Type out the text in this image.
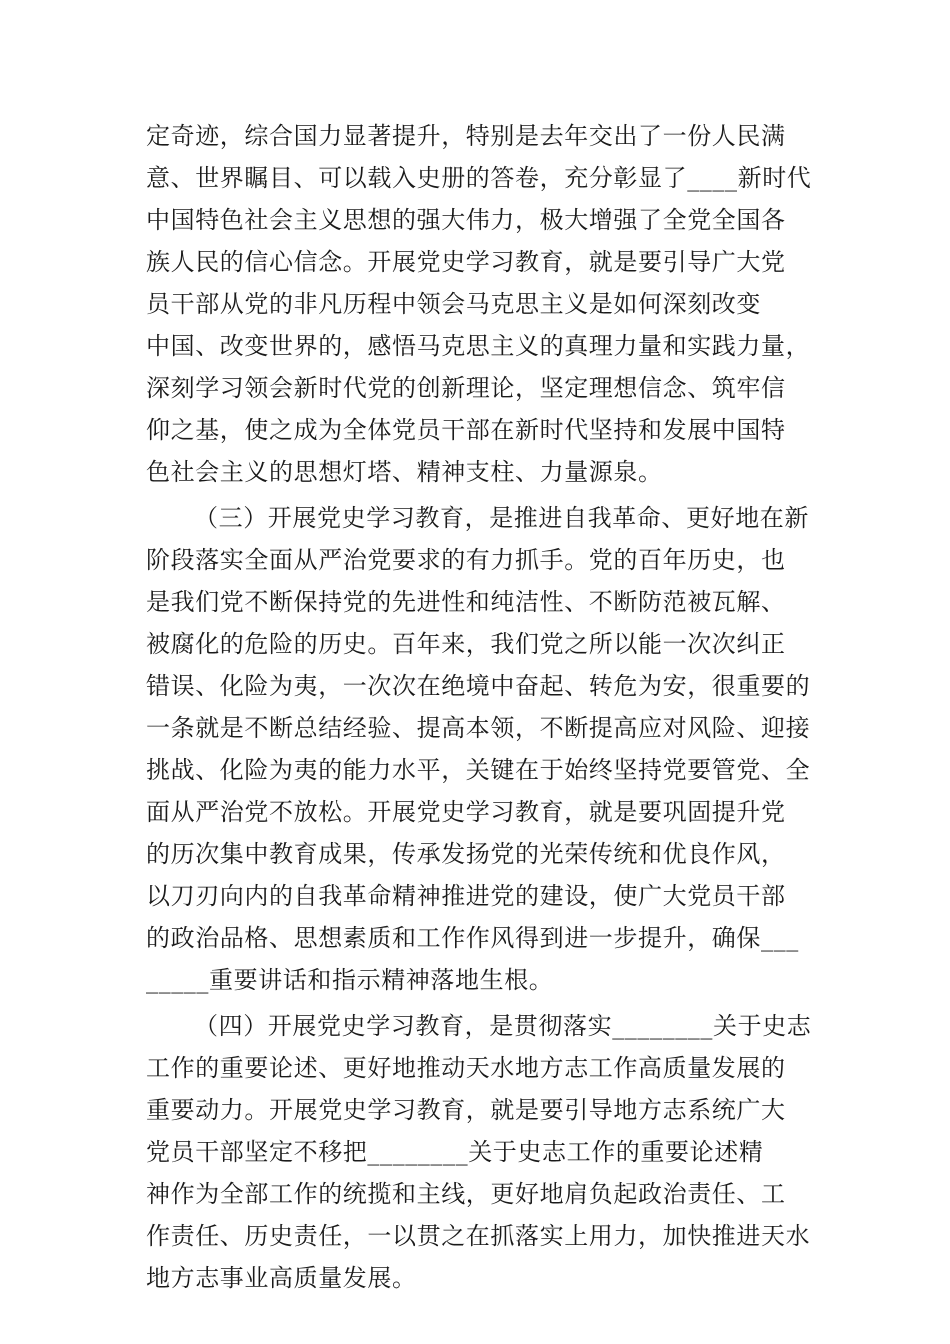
定奇迹，综合国力显著提升，特别是去年交出了一份人民满
意、世界瞩目、可以载入史册的答卷，充分彰显了____新时代
中国特色社会主义思想的强大伟力，极大增强了全党全国各
族人民的信心信念。开展党史学习教育，就是要引导广大党
员干部从党的非凡历程中领会马克思主义是如何深刻改变
中国、改变世界的，感悟马克思主义的真理力量和实践力量，
深刻学习领会新时代党的创新理论，坚定理想信念、筑牢信
仰之基，使之成为全体党员干部在新时代坚持和发展中国特
色社会主义的思想灯塔、精神支柱、力量源泉。
（三）开展党史学习教育，是推进自我革命、更好地在新
阶段落实全面从严治党要求的有力抓手。党的百年历史，也
是我们党不断保持党的先进性和纯洁性、不断防范被瓦解、
被腐化的危险的历史。百年来，我们党之所以能一次次纠正
错误、化险为夷，一次次在绝境中奋起、转危为安，很重要的
一条就是不断总结经验、提高本领，不断提高应对风险、迎接
挑战、化险为夷的能力水平，关键在于始终坚持党要管党、全
面从严治党不放松。开展党史学习教育，就是要巩固提升党
的历次集中教育成果，传承发扬党的光荣传统和优良作风，
以刀刃向内的自我革命精神推进党的建设，使广大党员干部
的政治品格、思想素质和工作作风得到进一步提升，确保___
_____重要讲话和指示精神落地生根。
（四）开展党史学习教育，是贯彻落实________关于史志
工作的重要论述、更好地推动天水地方志工作高质量发展的
重要动力。开展党史学习教育，就是要引导地方志系统广大
党员干部坚定不移把________关于史志工作的重要论述精
神作为全部工作的统揽和主线，更好地肩负起政治责任、工
作责任、历史责任，一以贯之在抓落实上用力，加快推进天水
地方志事业高质量发展。
